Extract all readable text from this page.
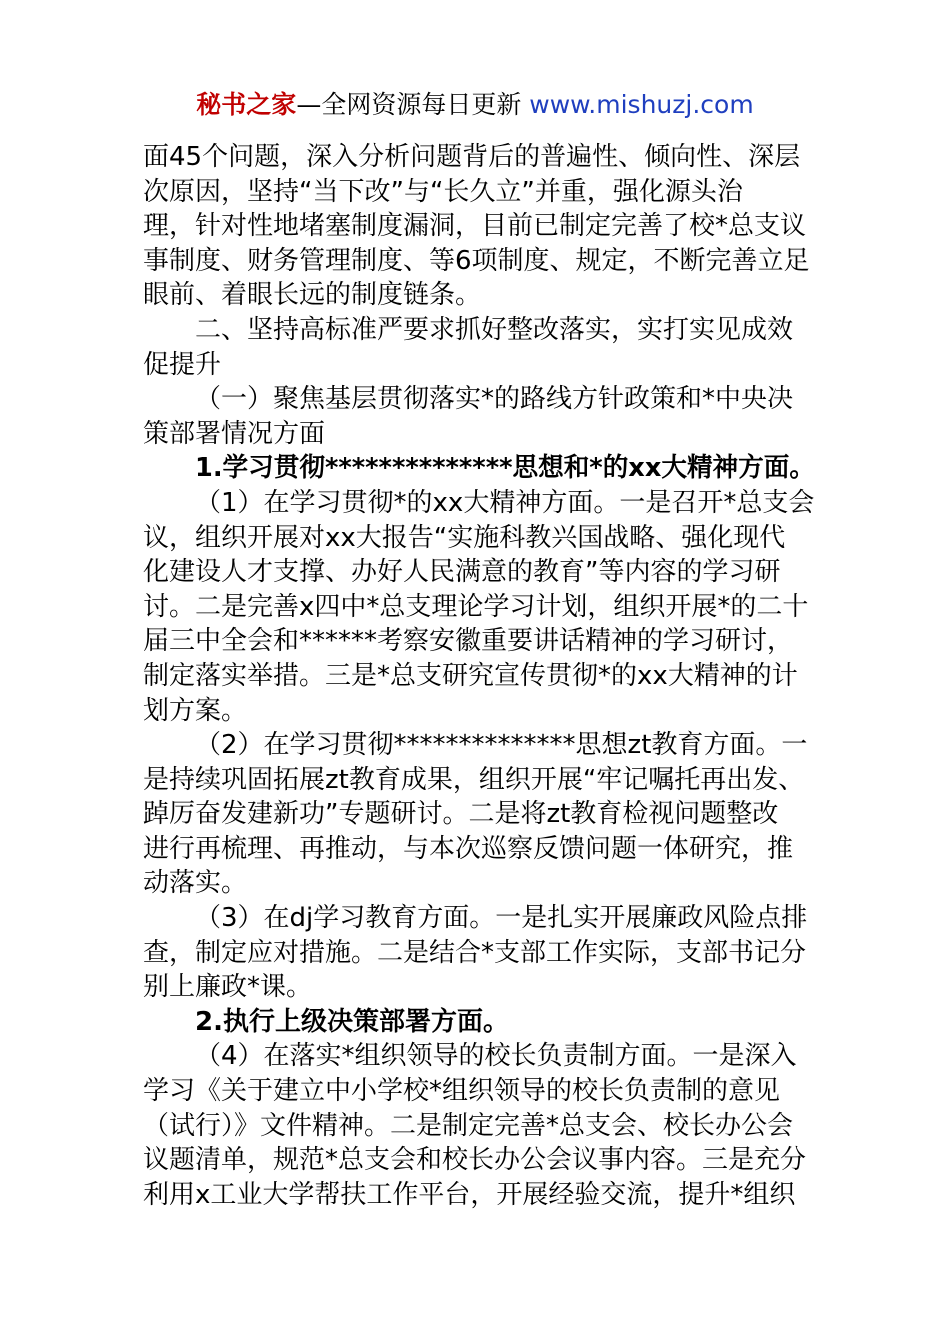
秘书之家—全网资源每日更新 www.mishuzj.com
面45个问题，深入分析问题背后的普遍性、倾向性、深层
次原因，坚持“当下改”与“长久立”并重，强化源头治
理，针对性地堵塞制度漏洞，目前已制定完善了校*总支议
事制度、财务管理制度、等6项制度、规定，不断完善立足
眼前、着眼长远的制度链条。
二、坚持高标准严要求抓好整改落实，实打实见成效
促提升
（一）聚焦基层贯彻落实*的路线方针政策和*中央决
策部署情况方面
1.学习贯彻**************思想和*的xx大精神方面。
（1）在学习贯彻*的xx大精神方面。一是召开*总支会
议，组织开展对xx大报告“实施科教兴国战略、强化现代
化建设人才支撑、办好人民满意的教育”等内容的学习研
讨。二是完善x四中*总支理论学习计划，组织开展*的二十
届三中全会和******考察安徽重要讲话精神的学习研讨，
制定落实举措。三是*总支研究宣传贯彻*的xx大精神的计
划方案。
（2）在学习贯彻**************思想zt教育方面。一
是持续巩固拓展zt教育成果，组织开展“牢记嘱托再出发、
踔厉奋发建新功”专题研讨。二是将zt教育检视问题整改
进行再梳理、再推动，与本次巡察反馈问题一体研究，推
动落实。
（3）在dj学习教育方面。一是扎实开展廉政风险点排
查，制定应对措施。二是结合*支部工作实际，支部书记分
别上廉政*课。
2.执行上级决策部署方面。
（4）在落实*组织领导的校长负责制方面。一是深入
学习《关于建立中小学校*组织领导的校长负责制的意见
（试行）》文件精神。二是制定完善*总支会、校长办公会
议题清单，规范*总支会和校长办公会议事内容。三是充分
利用x工业大学帮扶工作平台，开展经验交流，提升*组织
